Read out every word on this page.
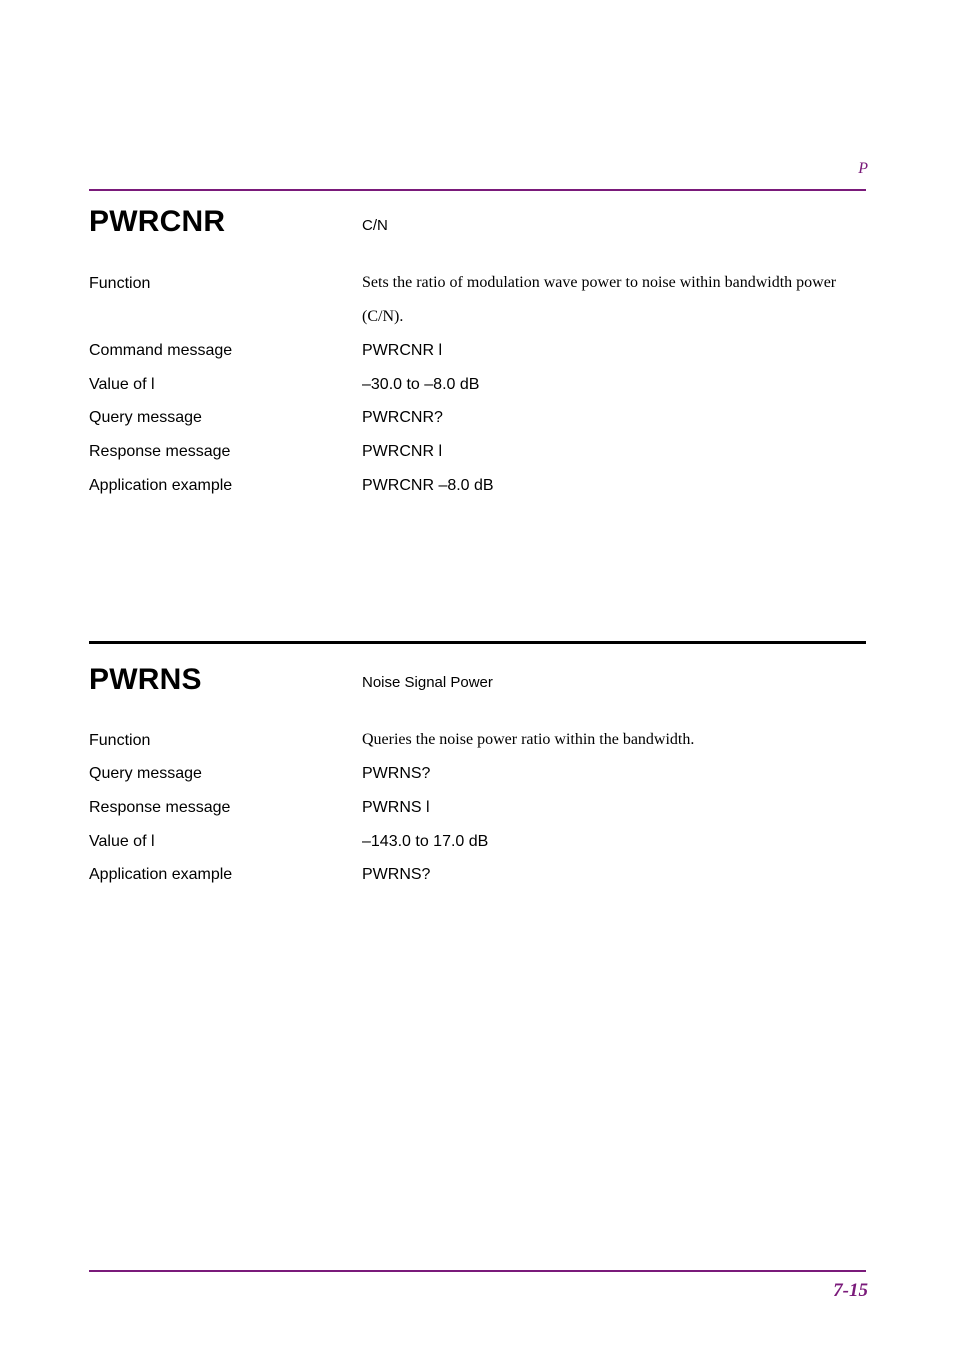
P
PWRCNR	C/N
Function	Sets the ratio of modulation wave power to noise within bandwidth power (C/N).
Command message	PWRCNR l
Value of l	–30.0 to –8.0 dB
Query message	PWRCNR?
Response message	PWRCNR l
Application example	PWRCNR –8.0 dB
PWRNS	Noise Signal Power
Function	Queries the noise power ratio within the bandwidth.
Query message	PWRNS?
Response message	PWRNS l
Value of l	–143.0 to 17.0 dB
Application example	PWRNS?
7-15
